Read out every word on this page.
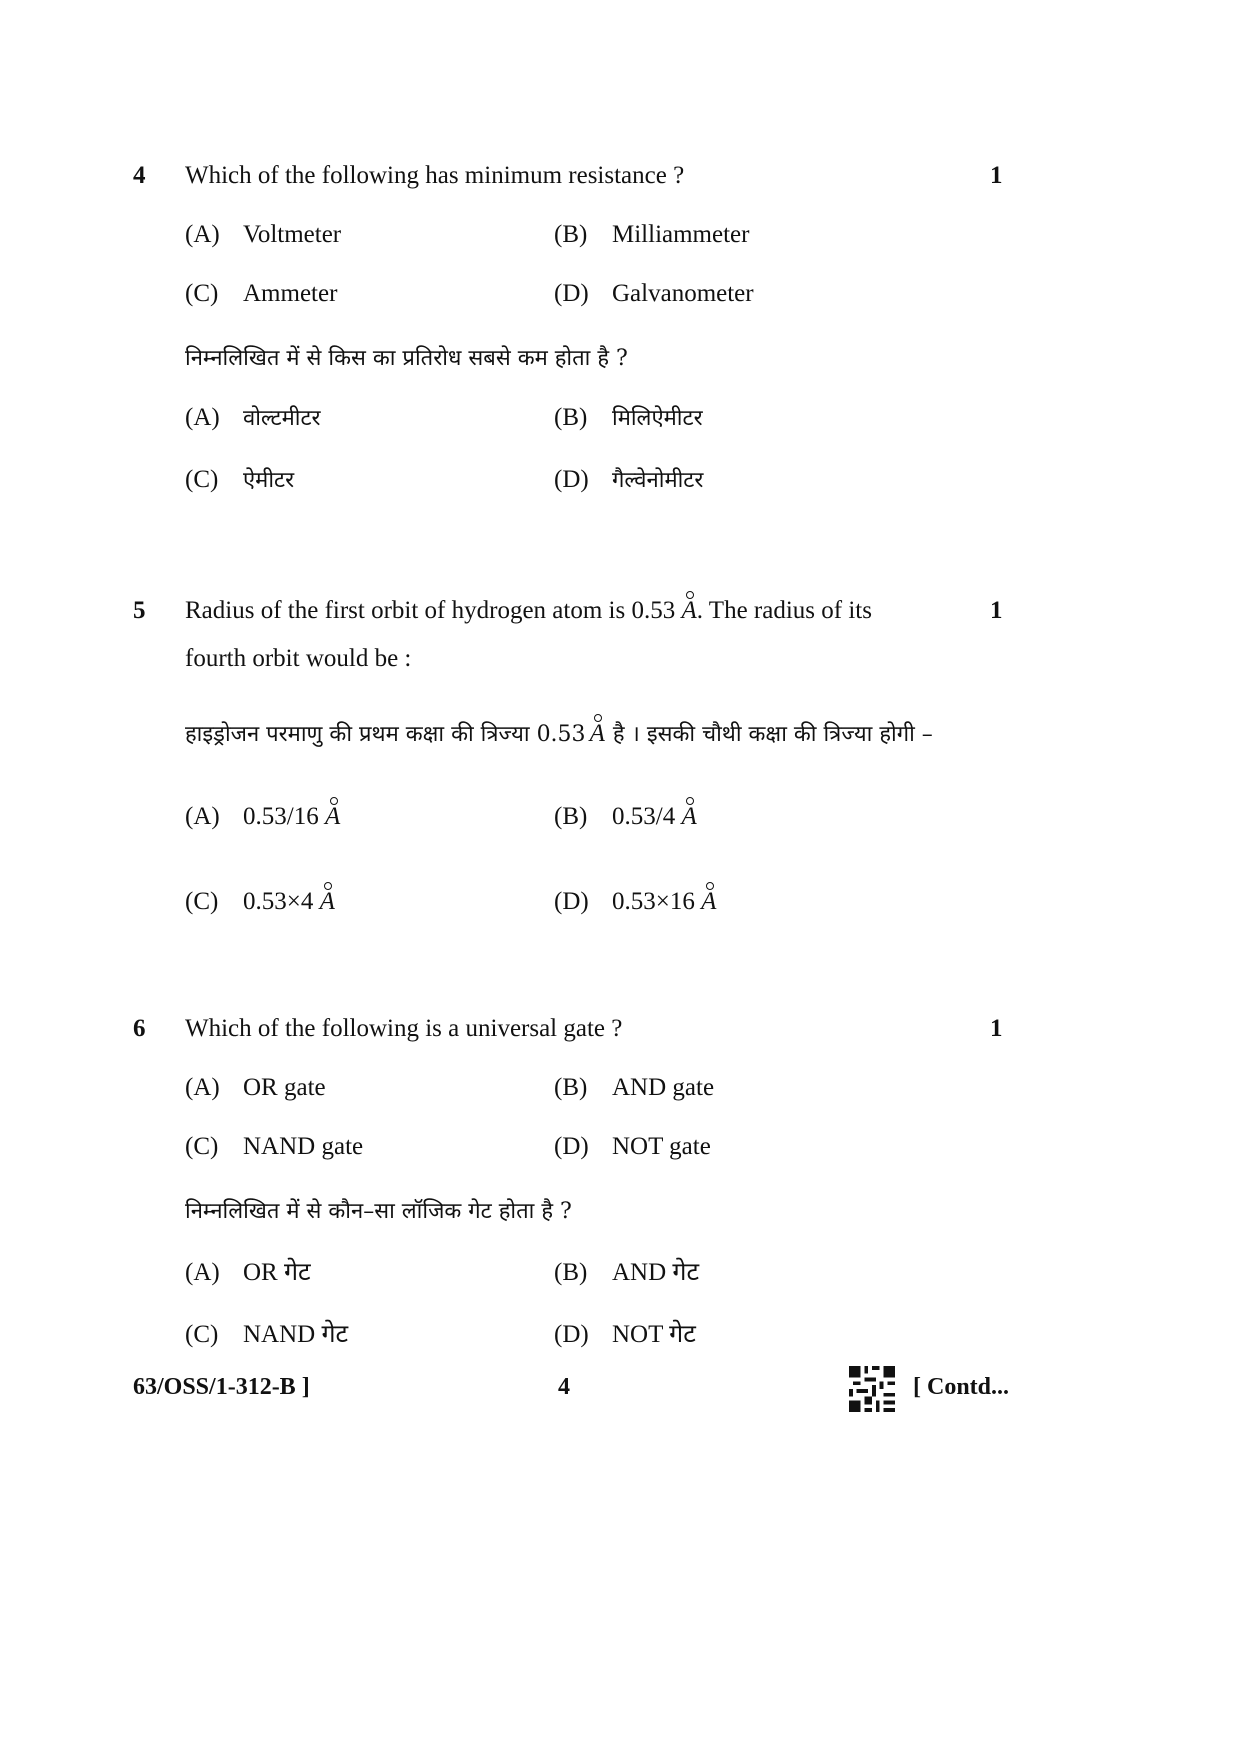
4 Which of the following has minimum resistance ?	1
(A) Voltmeter	(B) Milliammeter
(C) Ammeter	(D) Galvanometer
निम्नलिखित में से किस का प्रतिरोध सबसे कम होता है ?
(A) वोल्टमीटर	(B) मिलिऐमीटर
(C) ऐमीटर	(D) गैल्वेनोमीटर
5 Radius of the first orbit of hydrogen atom is 0.53 A. The radius of its	1
fourth orbit would be :
हाइड्रोजन परमाणु की प्रथम कक्षा की त्रिज्या 0.53 A है । इसकी चौथी कक्षा की त्रिज्या होगी –
(A) 0.53/16 A	(B) 0.53/4 A
(C) 0.53×4 A	(D) 0.53×16 A
6 Which of the following is a universal gate ?	1
(A) OR gate	(B) AND gate
(C) NAND gate	(D) NOT gate
निम्नलिखित में से कौन–सा लॉजिक गेट होता है ?
(A) OR गेट	(B) AND गेट
(C) NAND गेट	(D) NOT गेट
63/OSS/1-312-B ]	4	[ Contd...
